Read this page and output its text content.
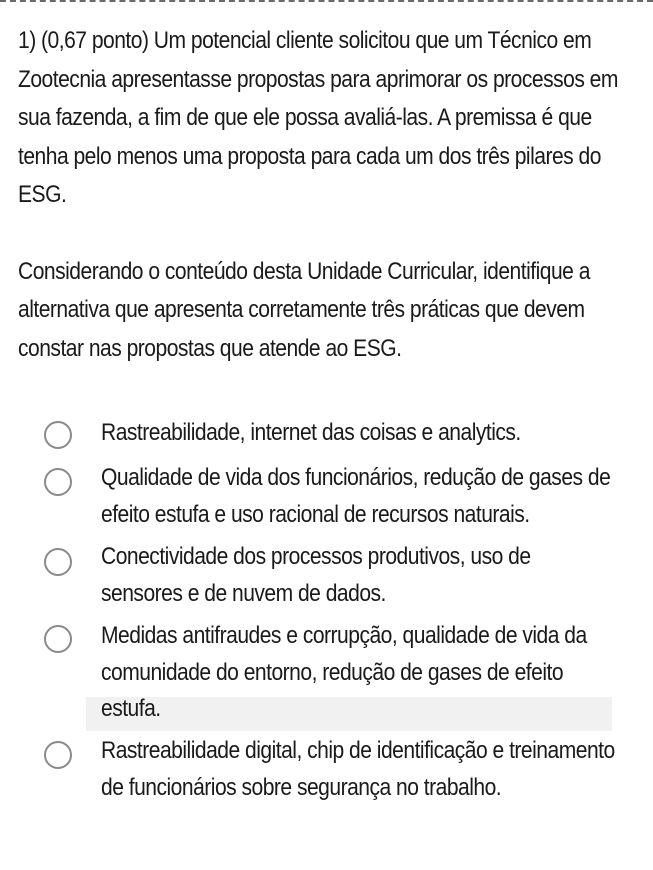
1) (0,67 ponto) Um potencial cliente solicitou que um Técnico em Zootecnia apresentasse propostas para aprimorar os processos em sua fazenda, a fim de que ele possa avaliá-las. A premissa é que tenha pelo menos uma proposta para cada um dos três pilares do ESG.

Considerando o conteúdo desta Unidade Curricular, identifique a alternativa que apresenta corretamente três práticas que devem constar nas propostas que atende ao ESG.

Rastreabilidade, internet das coisas e analytics.
Qualidade de vida dos funcionários, redução de gases de efeito estufa e uso racional de recursos naturais.
Conectividade dos processos produtivos, uso de sensores e de nuvem de dados.
Medidas antifraudes e corrupção, qualidade de vida da comunidade do entorno, redução de gases de efeito estufa.
Rastreabilidade digital, chip de identificação e treinamento de funcionários sobre segurança no trabalho.
